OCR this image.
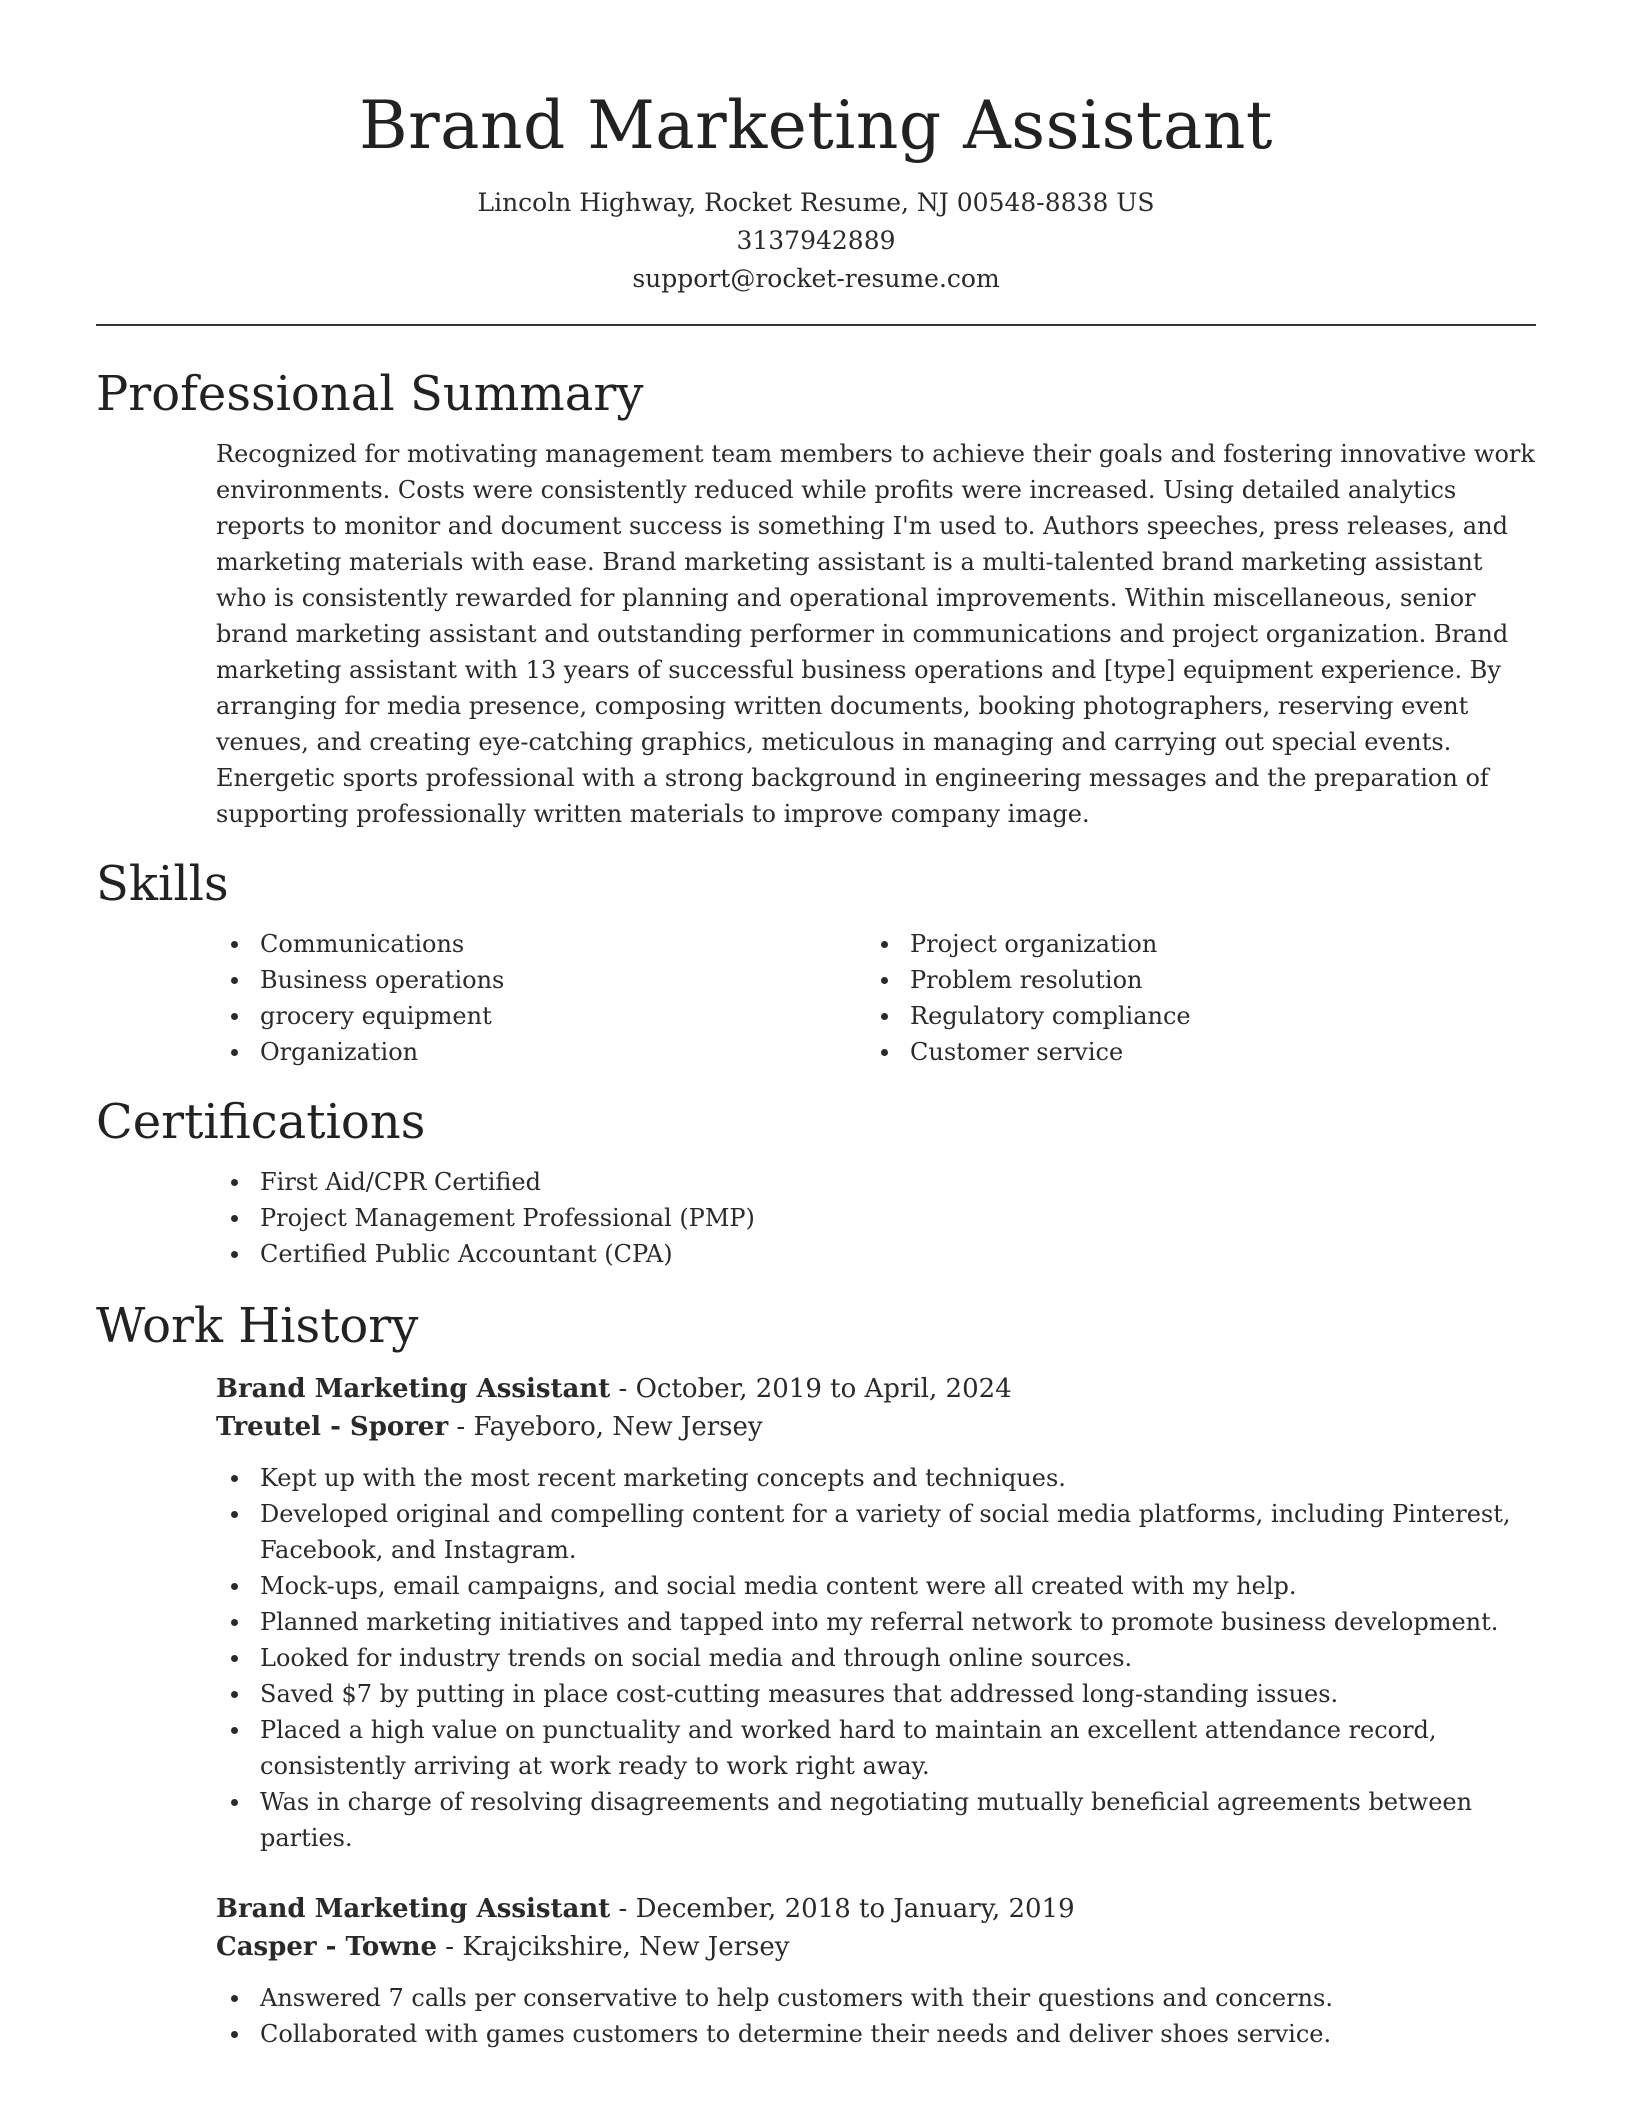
Brand Marketing Assistant
Lincoln Highway, Rocket Resume, NJ 00548-8838 US
3137942889
support@rocket-resume.com
Professional Summary

Recognized for motivating management team members to achieve their goals and fostering innovative work environments. Costs were consistently reduced while profits were increased. Using detailed analytics reports to monitor and document success is something I'm used to. Authors speeches, press releases, and marketing materials with ease. Brand marketing assistant is a multi-talented brand marketing assistant who is consistently rewarded for planning and operational improvements. Within miscellaneous, senior brand marketing assistant and outstanding performer in communications and project organization. Brand marketing assistant with 13 years of successful business operations and [type] equipment experience. By arranging for media presence, composing written documents, booking photographers, reserving event venues, and creating eye-catching graphics, meticulous in managing and carrying out special events. Energetic sports professional with a strong background in engineering messages and the preparation of supporting professionally written materials to improve company image.

Skills
Communications
Business operations
grocery equipment
Organization
Project organization
Problem resolution
Regulatory compliance
Customer service
Certifications
First Aid/CPR Certified
Project Management Professional (PMP)
Certified Public Accountant (CPA)
Work History
Brand Marketing Assistant - October, 2019 to April, 2024
Treutel - Sporer - Fayeboro, New Jersey
Kept up with the most recent marketing concepts and techniques.
Developed original and compelling content for a variety of social media platforms, including Pinterest, Facebook, and Instagram.
Mock-ups, email campaigns, and social media content were all created with my help.
Planned marketing initiatives and tapped into my referral network to promote business development.
Looked for industry trends on social media and through online sources.
Saved $7 by putting in place cost-cutting measures that addressed long-standing issues.
Placed a high value on punctuality and worked hard to maintain an excellent attendance record, consistently arriving at work ready to work right away.
Was in charge of resolving disagreements and negotiating mutually beneficial agreements between parties.
Brand Marketing Assistant - December, 2018 to January, 2019
Casper - Towne - Krajcikshire, New Jersey
Answered 7 calls per conservative to help customers with their questions and concerns.
Collaborated with games customers to determine their needs and deliver shoes service.
